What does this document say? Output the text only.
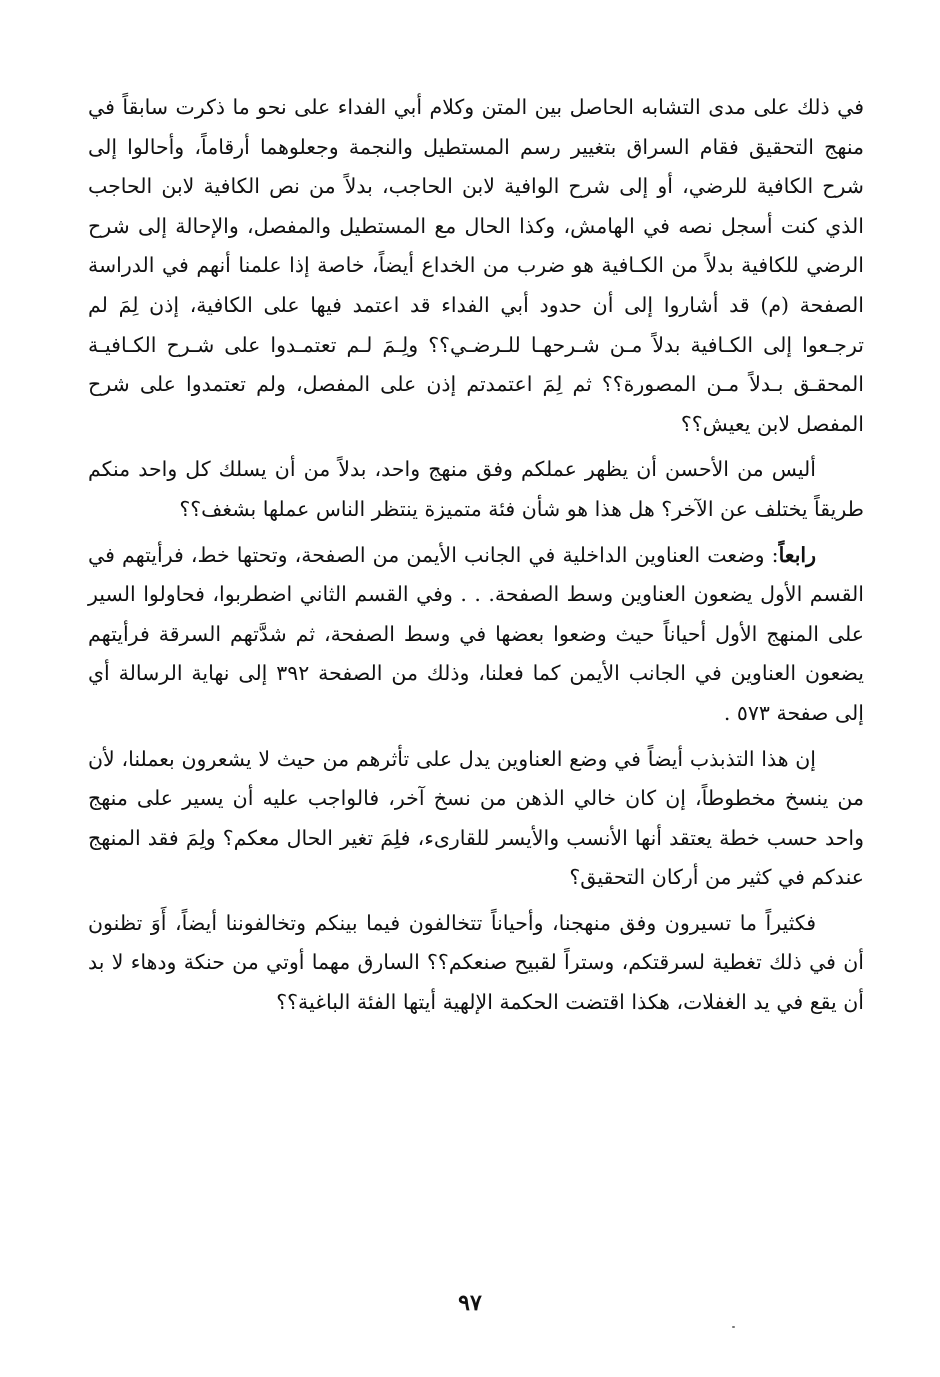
في ذلك على مدى التشابه الحاصل بين المتن وكلام أبي الفداء على نحو ما ذكرت سابقاً في منهج التحقيق فقام السراق بتغيير رسم المستطيل والنجمة وجعلوهما أرقاماً، وأحالوا إلى شرح الكافية للرضي، أو إلى شرح الوافية لابن الحاجب، بدلاً من نص الكافية لابن الحاجب الذي كنت أسجل نصه في الهامش، وكذا الحال مع المستطيل والمفصل، والإحالة إلى شرح الرضي للكافية بدلاً من الكـافية هو ضرب من الخداع أيضاً، خاصة إذا علمنا أنهم في الدراسة الصفحة (م) قد أشاروا إلى أن حدود أبي الفداء قد اعتمد فيها على الكافية، إذن لِمَ لم ترجـعوا إلى الكـافية بدلاً مـن شـرحهـا للـرضـي؟؟ ولِـمَ لـم تعتمـدوا على شـرح الكـافيـة المحقـق بـدلاً مـن المصورة؟؟ ثم لِمَ اعتمدتم إذن على المفصل، ولم تعتمدوا على شرح المفصل لابن يعيش؟؟

أليس من الأحسن أن يظهر عملكم وفق منهج واحد، بدلاً من أن يسلك كل واحد منكم طريقاً يختلف عن الآخر؟ هل هذا هو شأن فئة متميزة ينتظر الناس عملها بشغف؟؟

رابعاً: وضعت العناوين الداخلية في الجانب الأيمن من الصفحة، وتحتها خط، فرأيتهم في القسم الأول يضعون العناوين وسط الصفحة. . . وفي القسم الثاني اضطربوا، فحاولوا السير على المنهج الأول أحياناً حيث وضعوا بعضها في وسط الصفحة، ثم شدَّتهم السرقة فرأيتهم يضعون العناوين في الجانب الأيمن كما فعلنا، وذلك من الصفحة ٣٩٢ إلى نهاية الرسالة أي إلى صفحة ٥٧٣ .

إن هذا التذبذب أيضاً في وضع العناوين يدل على تأثرهم من حيث لا يشعرون بعملنا، لأن من ينسخ مخطوطاً، إن كان خالي الذهن من نسخ آخر، فالواجب عليه أن يسير على منهج واحد حسب خطة يعتقد أنها الأنسب والأيسر للقارىء، فلِمَ تغير الحال معكم؟ ولِمَ فقد المنهج عندكم في كثير من أركان التحقيق؟

فكثيراً ما تسيرون وفق منهجنا، وأحياناً تتخالفون فيما بينكم وتخالفوننا أيضاً، أَوَ تظنون أن في ذلك تغطية لسرقتكم، وستراً لقبيح صنعكم؟؟ السارق مهما أوتي من حنكة ودهاء لا بد أن يقع في يد الغفلات، هكذا اقتضت الحكمة الإلهية أيتها الفئة الباغية؟؟

٩٧
